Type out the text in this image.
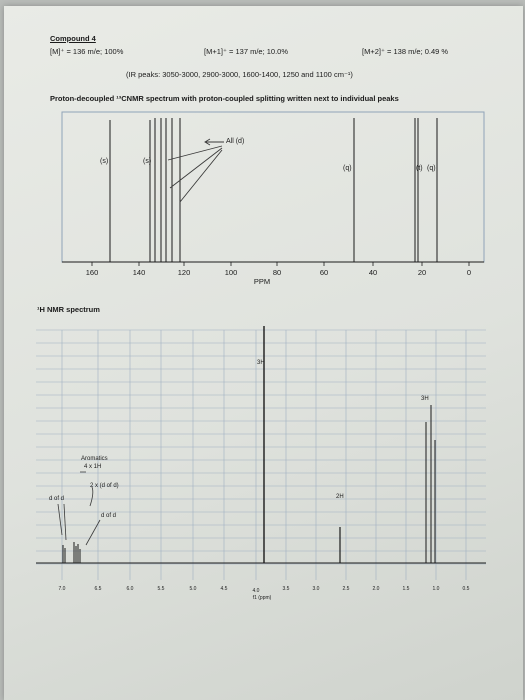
Compound 4
[M]⁺ = 136 m/e; 100%	[M+1]⁺ = 137 m/e; 10.0%	[M+2]⁺ = 138 m/e; 0.49 %
(IR peaks: 3050-3000, 2900-3000, 1600-1400, 1250 and 1100 cm⁻¹)
Proton-decoupled ¹³CNMR spectrum with proton-coupled splitting written next to individual peaks
¹H NMR spectrum
All (d)
(s)	(s)
(q)	(t) (q)
160	140	120	100	80	60	40	20	0
PPM
Aromatics
4 x 1H
2 x (d of d)
d of d
d of d
3H
2H
3H
7.0	6.5	6.0	5.5	5.0	4.5	4.0	3.5	3.0	2.5	2.0	1.5	1.0	0.5
f1 (ppm)
